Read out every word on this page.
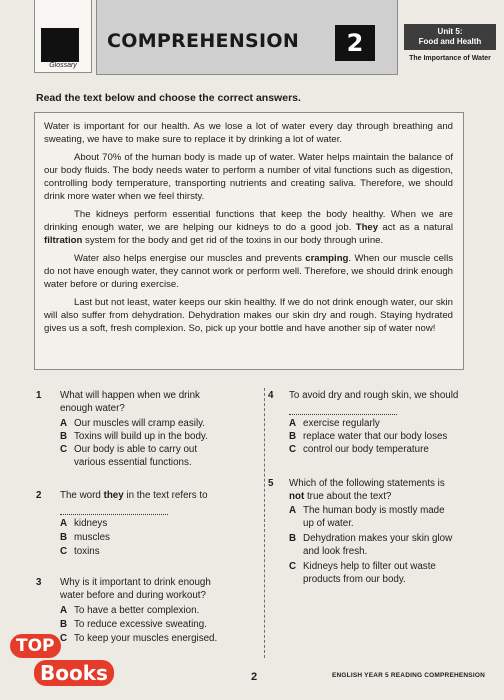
Glossary
COMPREHENSION	2	Unit 5:
Food and Health
The Importance of Water
Read the text below and choose the correct answers.

Water is important for our health. As we lose a lot of water every day through breathing and sweating, we have to make sure to replace it by drinking a lot of water.

About 70% of the human body is made up of water. Water helps maintain the balance of our body fluids. The body needs water to perform a number of vital functions such as digestion, controlling body temperature, transporting nutrients and creating saliva. Therefore, we should drink more water when we feel thirsty.

The kidneys perform essential functions that keep the body healthy. When we are drinking enough water, we are helping our kidneys to do a good job. They act as a natural filtration system for the body and get rid of the toxins in our body through urine.

Water also helps energise our muscles and prevents cramping. When our muscle cells do not have enough water, they cannot work or perform well. Therefore, we should drink enough water before or during exercise.

Last but not least, water keeps our skin healthy. If we do not drink enough water, our skin will also suffer from dehydration. Dehydration makes our skin dry and rough. Staying hydrated gives us a soft, fresh complexion. So, pick up your bottle and have another sip of water now!

1 What will happen when we drink
enough water?
A Our muscles will cramp easily.
B Toxins will build up in the body.
C Our body is able to carry out
various essential functions.
2 The word they in the text refers to
A kidneys
B muscles
C toxins
3 Why is it important to drink enough
water before and during workout?
A To have a better complexion.
B To reduce excessive sweating.
C To keep your muscles energised.
4 To avoid dry and rough skin, we should
A exercise regularly
B replace water that our body loses
C control our body temperature
5 Which of the following statements is
not true about the text?
A The human body is mostly made
up of water.
B Dehydration makes your skin glow
and look fresh.
C Kidneys help to filter out waste
products from our body.
2	ENGLISH YEAR 5 READING COMPREHENSION
TOP
Books
